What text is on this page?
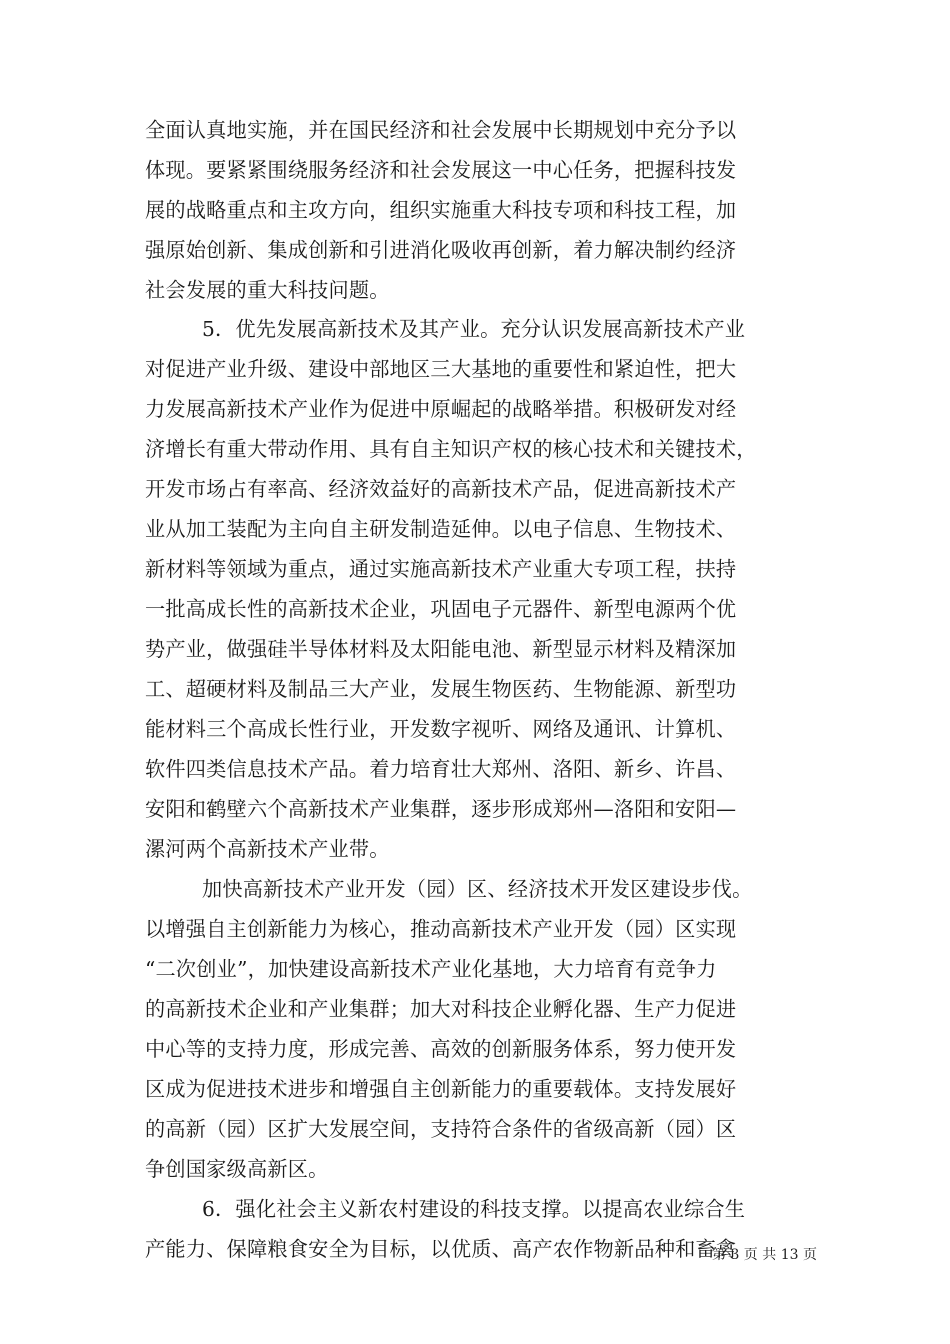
全面认真地实施，并在国民经济和社会发展中长期规划中充分予以
体现。要紧紧围绕服务经济和社会发展这一中心任务，把握科技发
展的战略重点和主攻方向，组织实施重大科技专项和科技工程，加
强原始创新、集成创新和引进消化吸收再创新，着力解决制约经济
社会发展的重大科技问题。
5．优先发展高新技术及其产业。充分认识发展高新技术产业
对促进产业升级、建设中部地区三大基地的重要性和紧迫性，把大
力发展高新技术产业作为促进中原崛起的战略举措。积极研发对经
济增长有重大带动作用、具有自主知识产权的核心技术和关键技术，
开发市场占有率高、经济效益好的高新技术产品，促进高新技术产
业从加工装配为主向自主研发制造延伸。以电子信息、生物技术、
新材料等领域为重点，通过实施高新技术产业重大专项工程，扶持
一批高成长性的高新技术企业，巩固电子元器件、新型电源两个优
势产业，做强硅半导体材料及太阳能电池、新型显示材料及精深加
工、超硬材料及制品三大产业，发展生物医药、生物能源、新型功
能材料三个高成长性行业，开发数字视听、网络及通讯、计算机、
软件四类信息技术产品。着力培育壮大郑州、洛阳、新乡、许昌、
安阳和鹤壁六个高新技术产业集群，逐步形成郑州—洛阳和安阳—
漯河两个高新技术产业带。
加快高新技术产业开发（园）区、经济技术开发区建设步伐。
以增强自主创新能力为核心，推动高新技术产业开发（园）区实现
“二次创业”，加快建设高新技术产业化基地，大力培育有竞争力
的高新技术企业和产业集群；加大对科技企业孵化器、生产力促进
中心等的支持力度，形成完善、高效的创新服务体系，努力使开发
区成为促进技术进步和增强自主创新能力的重要载体。支持发展好
的高新（园）区扩大发展空间，支持符合条件的省级高新（园）区
争创国家级高新区。
6．强化社会主义新农村建设的科技支撑。以提高农业综合生
产能力、保障粮食安全为目标，以优质、高产农作物新品种和畜禽
第 3 页 共 13 页
